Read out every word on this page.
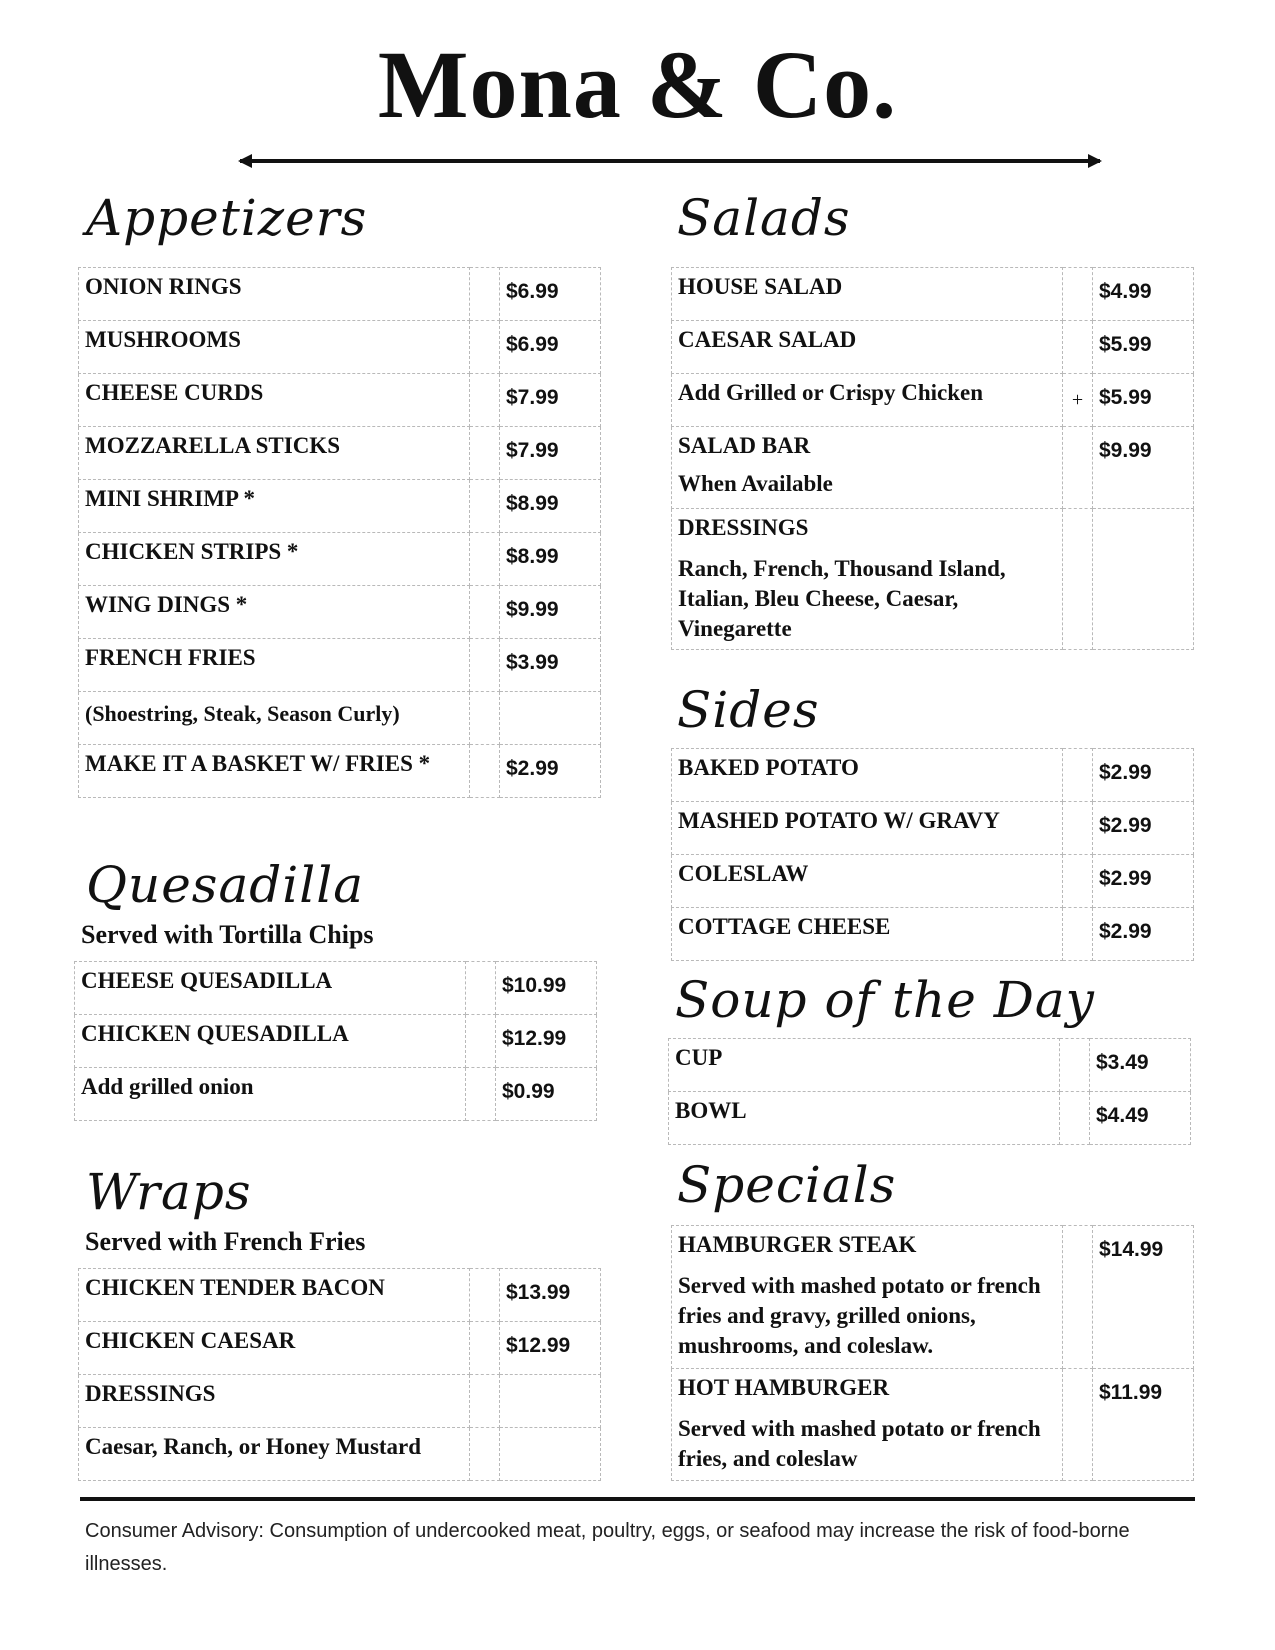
Mona & Co.
Appetizers
ONION RINGS		$6.99
MUSHROOMS		$6.99
CHEESE CURDS		$7.99
MOZZARELLA STICKS		$7.99
MINI SHRIMP *		$8.99
CHICKEN STRIPS *		$8.99
WING DINGS *		$9.99
FRENCH FRIES		$3.99
(Shoestring, Steak, Season Curly)		
MAKE IT A BASKET W/ FRIES *		$2.99
Quesadilla
Served with Tortilla Chips
CHEESE QUESADILLA		$10.99
CHICKEN QUESADILLA		$12.99
Add grilled onion		$0.99
Wraps
Served with French Fries
CHICKEN TENDER BACON		$13.99
CHICKEN CAESAR		$12.99
DRESSINGS		
Caesar, Ranch, or Honey Mustard		
Salads
HOUSE SALAD		$4.99
CAESAR SALAD		$5.99
Add Grilled or Crispy Chicken	+	$5.99
SALAD BAR
When Available		$9.99
DRESSINGS
Ranch, French, Thousand Island, Italian, Bleu Cheese, Caesar, Vinegarette		

Sides
BAKED POTATO		$2.99
MASHED POTATO W/ GRAVY		$2.99
COLESLAW		$2.99
COTTAGE CHEESE		$2.99
Soup of the Day
CUP		$3.49
BOWL		$4.49
Specials
HAMBURGER STEAK
Served with mashed potato or french fries and gravy, grilled onions, mushrooms, and coleslaw.		$14.99
HOT HAMBURGER
Served with mashed potato or french fries, and coleslaw		$11.99
Consumer Advisory: Consumption of undercooked meat, poultry, eggs, or seafood may increase the risk of food-borne illnesses.
